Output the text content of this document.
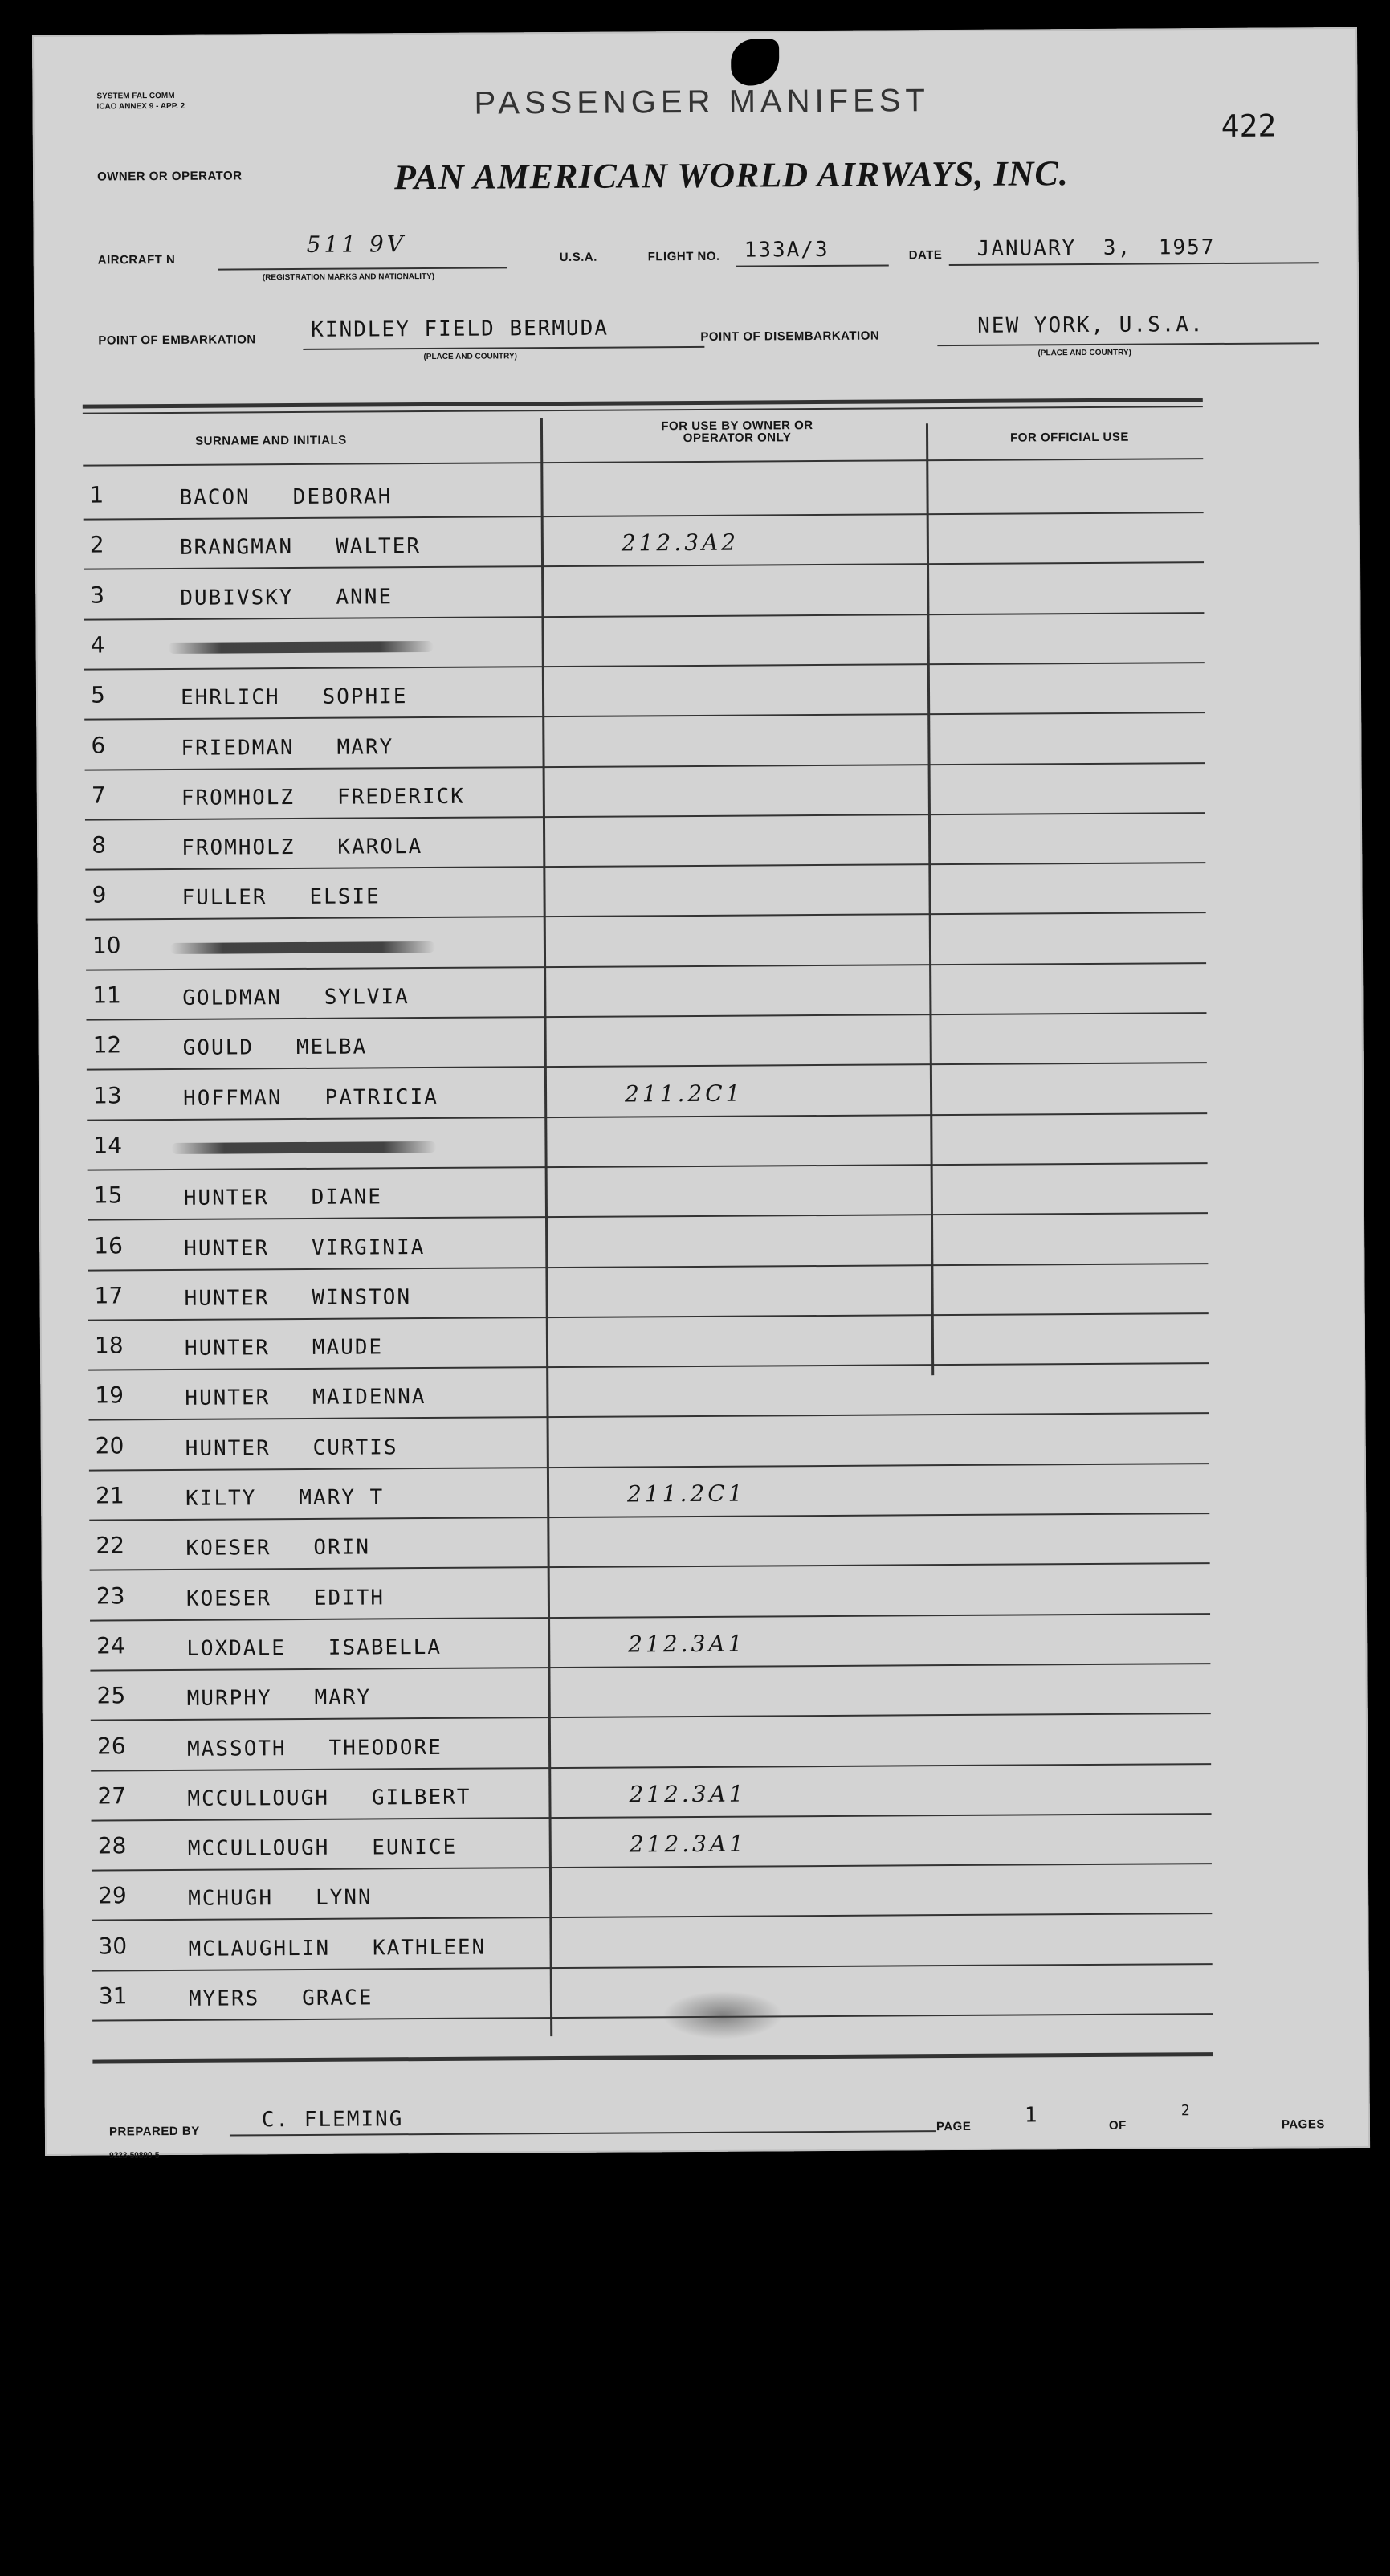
SYSTEM FAL COMM
ICAO ANNEX 9 - APP. 2	PASSENGER MANIFEST
422
OWNER OR OPERATOR	PAN AMERICAN WORLD AIRWAYS, INC.
AIRCRAFT N
511 9V
(REGISTRATION MARKS AND NATIONALITY)
U.S.A.	FLIGHT NO. 133A/3	DATE JANUARY 3, 1957
POINT OF EMBARKATION	KINDLEY FIELD BERMUDA
(PLACE AND COUNTRY)
POINT OF DISEMBARKATION	NEW YORK, U.S.A.
(PLACE AND COUNTRY)
SURNAME AND INITIALS
FOR USE BY OWNER OR OPERATOR ONLY	FOR OFFICIAL USE
1	BACON   DEBORAH
2	BRANGMAN   WALTER	212.3A2
3	DUBIVSKY   ANNE
4
5	EHRLICH   SOPHIE
6	FRIEDMAN   MARY
7	FROMHOLZ   FREDERICK
8	FROMHOLZ   KAROLA
9	FULLER   ELSIE
10
11	GOLDMAN   SYLVIA
12	GOULD   MELBA
13	HOFFMAN   PATRICIA	211.2C1
14
15	HUNTER   DIANE
16	HUNTER   VIRGINIA
17	HUNTER   WINSTON
18	HUNTER   MAUDE
19	HUNTER   MAIDENNA
20	HUNTER   CURTIS
21	KILTY   MARY T	211.2C1
22	KOESER   ORIN
23	KOESER   EDITH
24	LOXDALE   ISABELLA	212.3A1
25	MURPHY   MARY
26	MASSOTH   THEODORE
27	MCCULLOUGH   GILBERT	212.3A1
28	MCCULLOUGH   EUNICE	212.3A1
29	MCHUGH   LYNN
30	MCLAUGHLIN   KATHLEEN
31	MYERS   GRACE
PREPARED BY	C. FLEMING	PAGE	1	OF
2
PAGES
9223-50890-5
